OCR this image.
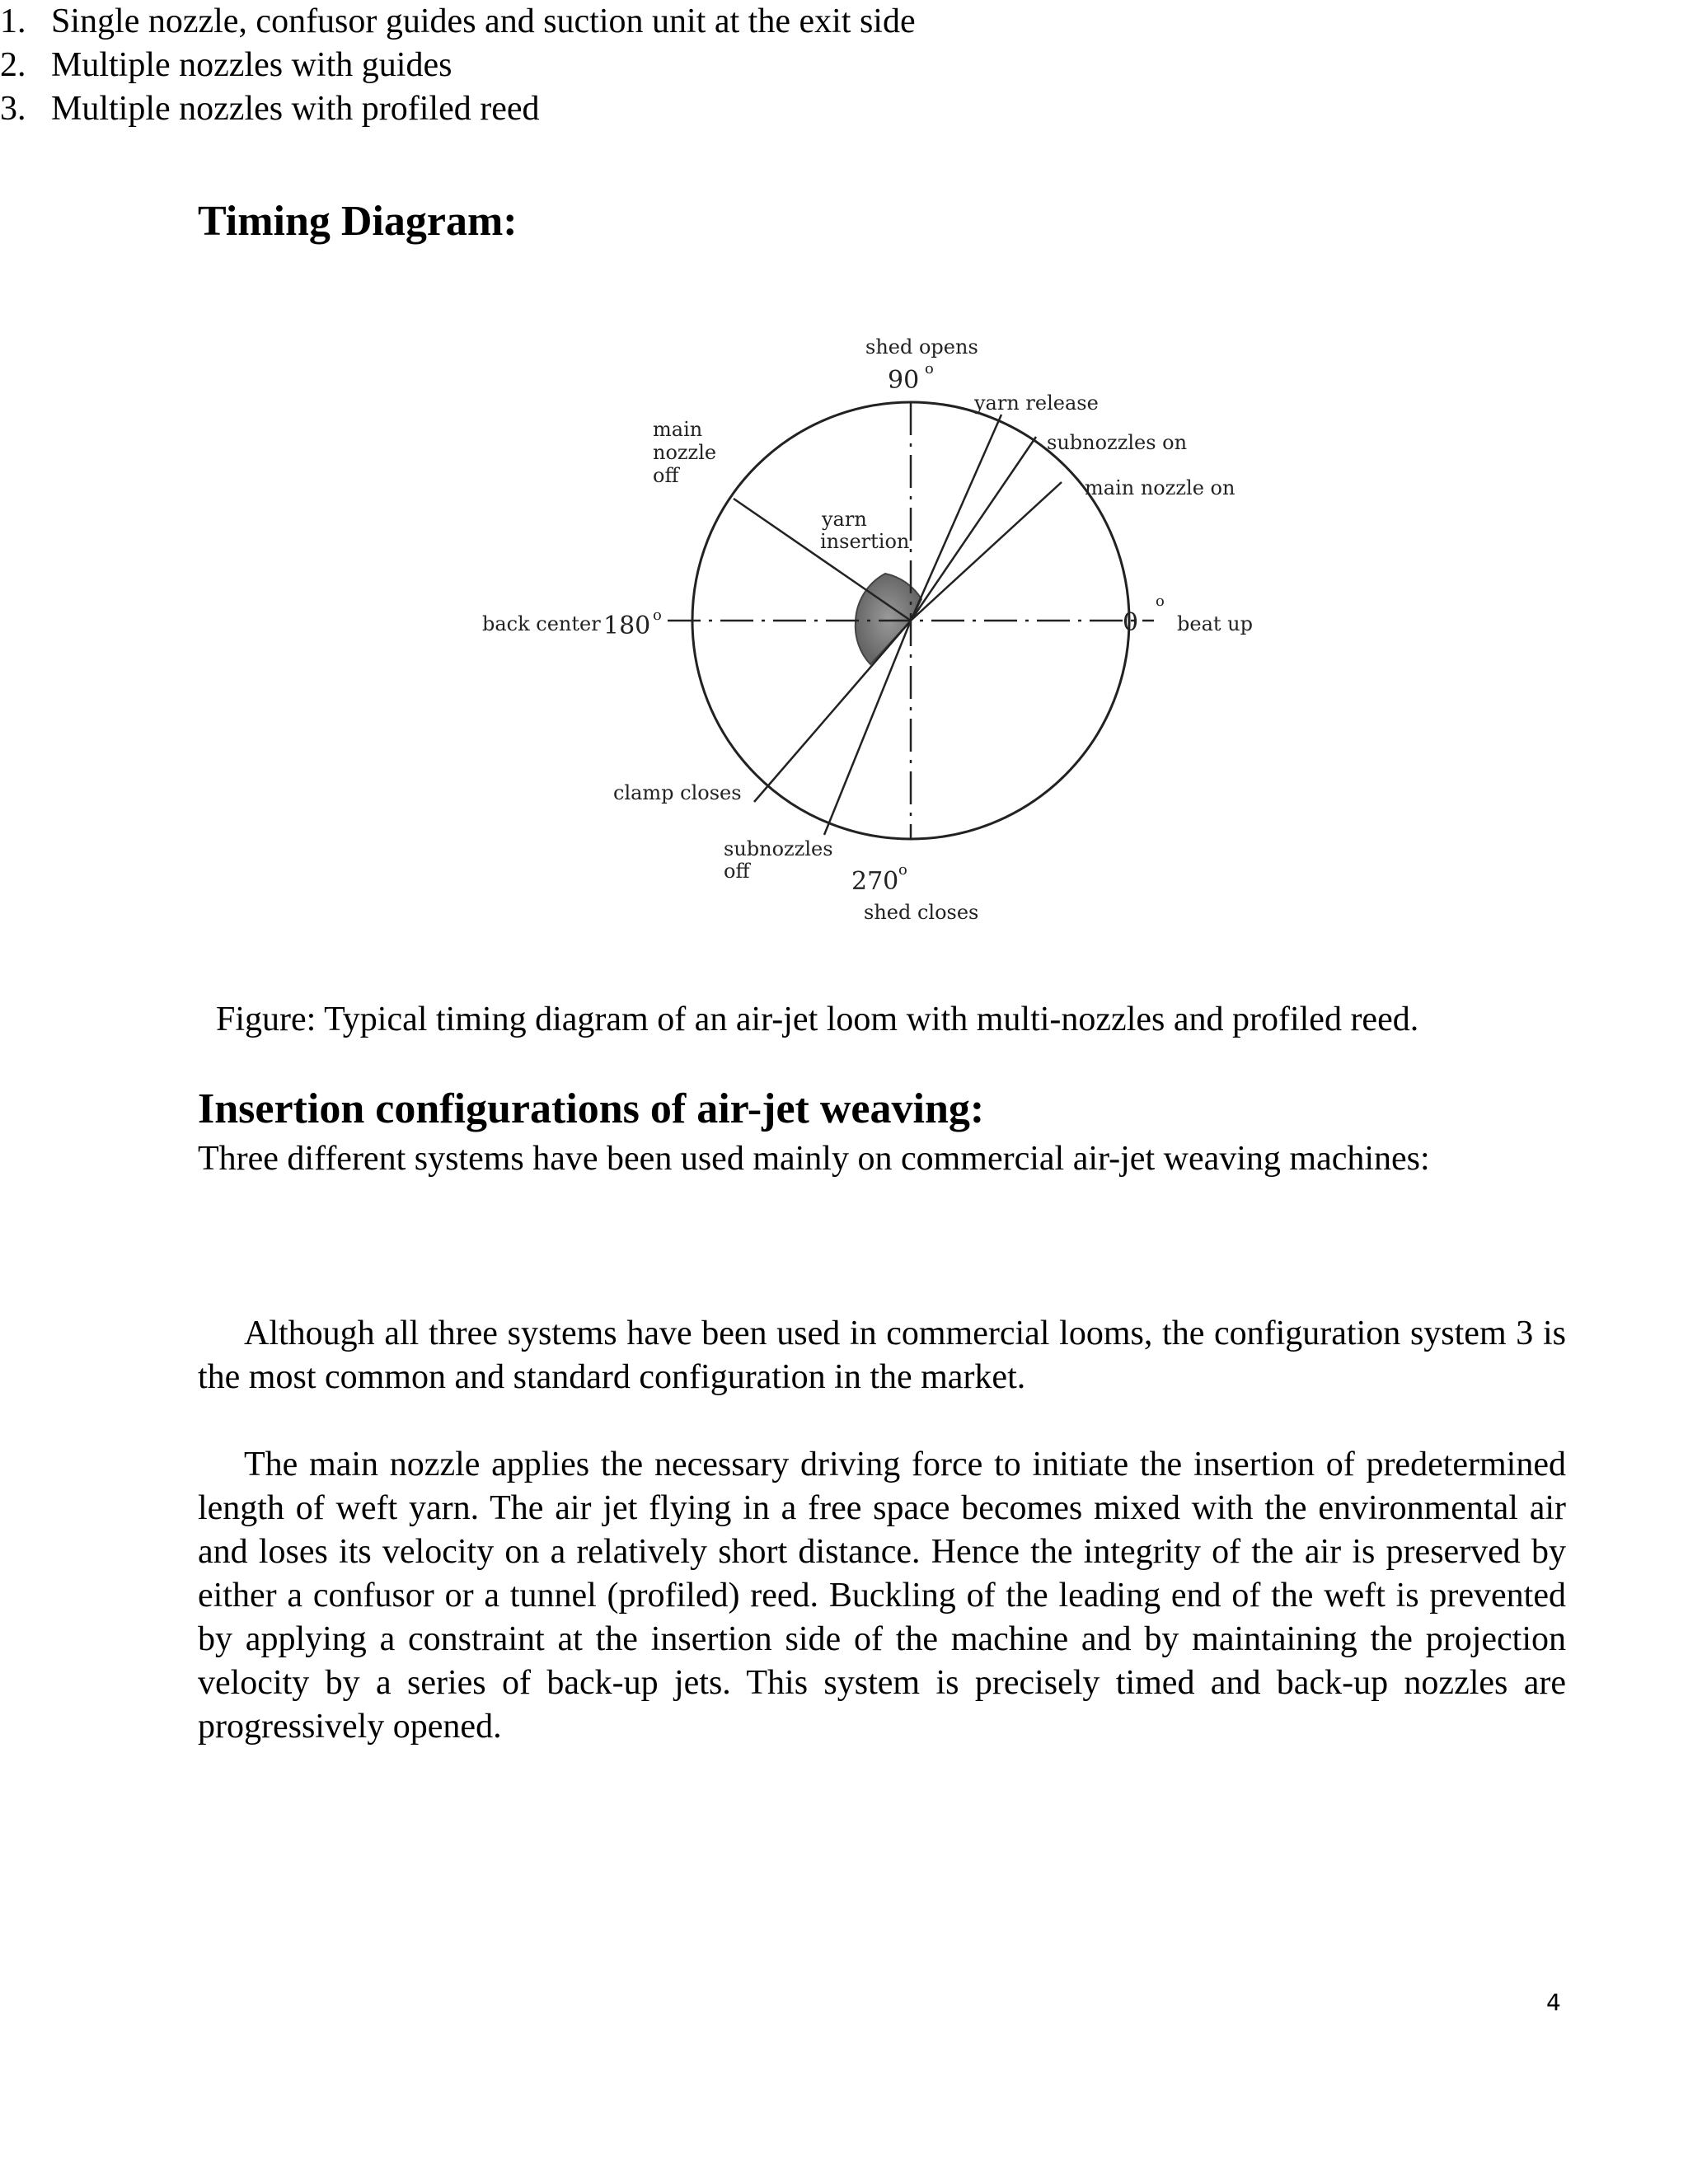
Timing Diagram:
shed opens
90 o
yarn release
subnozzles on
main nozzle on
main
nozzle
off
yarn
insertion
back center 180 o	0
o
beat up
clamp closes
subnozzles
off	270 o
shed closes

Figure: Typical timing diagram of an air-jet loom with multi-nozzles and profiled reed.

Insertion configurations of air-jet weaving:

Three different systems have been used mainly on commercial air-jet weaving machines:

1. Single nozzle, confusor guides and suction unit at the exit side
2. Multiple nozzles with guides
3. Multiple nozzles with profiled reed

Although all three systems have been used in commercial looms, the configuration system 3 is the most common and standard configuration in the market.

The main nozzle applies the necessary driving force to initiate the insertion of predetermined length of weft yarn. The air jet flying in a free space becomes mixed with the environmental air and loses its velocity on a relatively short distance. Hence the integrity of the air is preserved by either a confusor or a tunnel (profiled) reed. Buckling of the leading end of the weft is prevented by applying a constraint at the insertion side of the machine and by maintaining the projection velocity by a series of back-up jets. This system is precisely timed and back-up nozzles are progressively opened.

4
